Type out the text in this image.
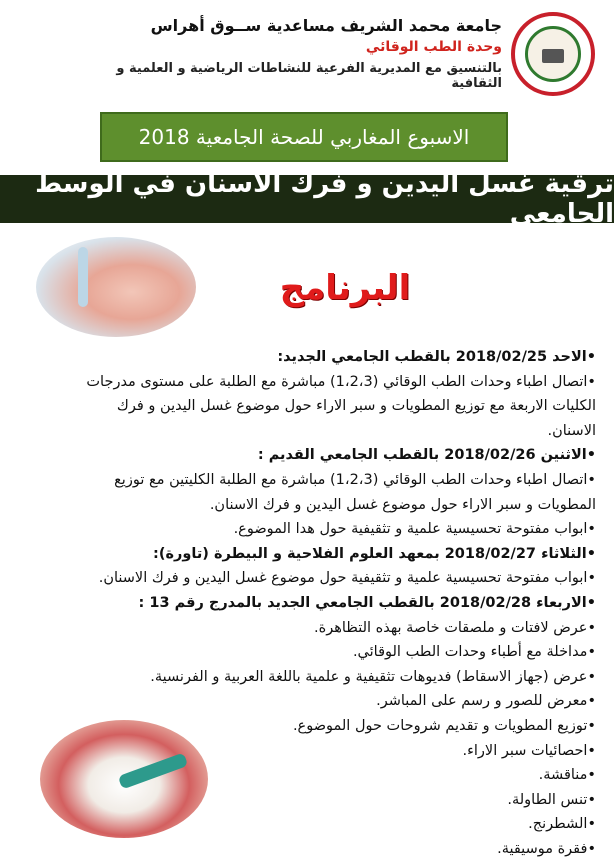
جامعة محمد الشريف مساعدية ســوق أهراس

وحدة الطب الوقائي

بالتنسيق مع المديرية الفرعية للنشاطات الرياضية و العلمية و الثقافية

الاسبوع المغاربي للصحة الجامعية 2018
ترقية غسل اليدين و فرك الأسنان في الوسط الجامعي
البرنامج
•الاحد 2018/02/25 بالقطب الجامعي الجديد:
•اتصال اطباء وحدات الطب الوقائي (1،2،3) مباشرة مع الطلبة على مستوى مدرجات
الكليات الاربعة مع توزيع المطويات و سبر الاراء حول موضوع غسل اليدين و فرك
الاسنان.
•الاثنين 2018/02/26 بالقطب الجامعي القديم :
•اتصال اطباء وحدات الطب الوقائي (1،2،3) مباشرة مع الطلبة الكليتين مع توزيع
المطويات و سبر الاراء حول موضوع غسل اليدين و فرك الاسنان.
•ابواب مفتوحة تحسيسية علمية و تثقيفية حول هدا الموضوع.
•الثلاثاء 2018/02/27 بمعهد العلوم الفلاحية و البيطرة (تاورة):
•ابواب مفتوحة تحسيسية علمية و تثقيفية حول موضوع غسل اليدين و فرك الاسنان.
•الاربعاء 2018/02/28 بالقطب الجامعي الجديد بالمدرج رقم 13 :
•عرض لافتات و ملصقات خاصة بهذه التظاهرة.
•مداخلة مع أطباء وحدات الطب الوقائي.
•عرض (جهاز الاسقاط) فديوهات تثقيفية و علمية باللغة العربية و الفرنسية.
•معرض للصور و رسم على المباشر.
•توزيع المطويات و تقديم شروحات حول الموضوع.
•احصائيات سبر الاراء.
•مناقشة.
•تنس الطاولة.
•الشطرنج.
•فقرة موسيقية.
